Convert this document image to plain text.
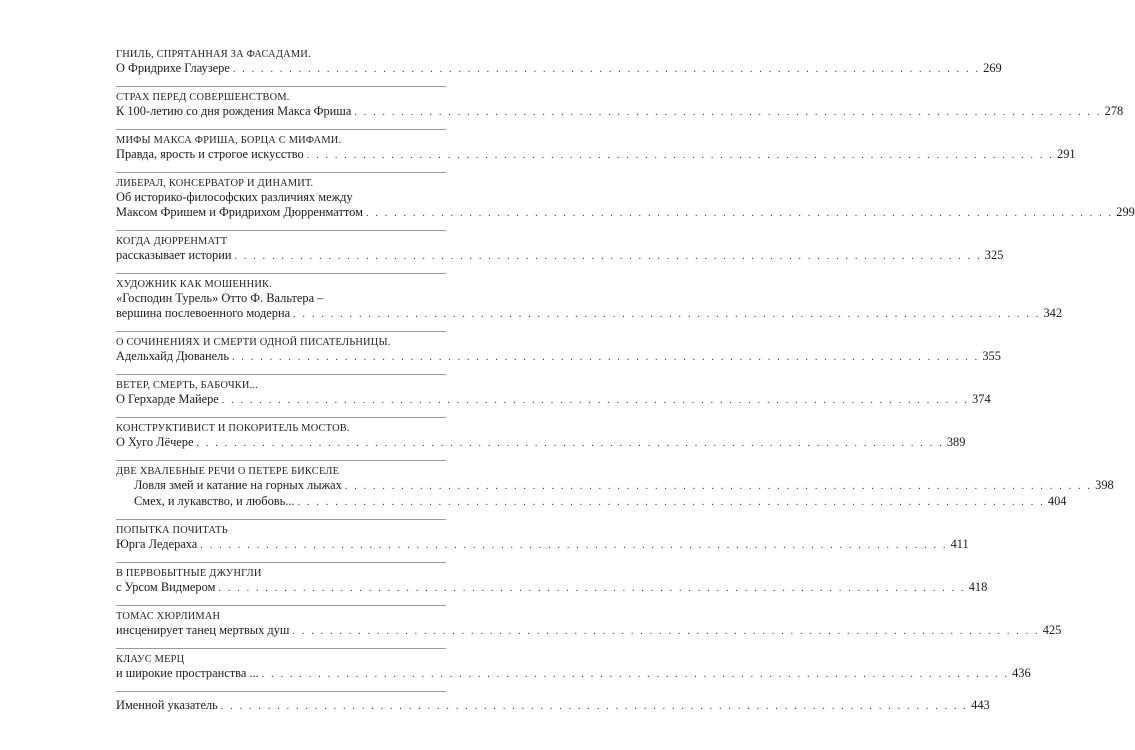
ГНИЛЬ, СПРЯТАННАЯ ЗА ФАСАДАМИ.
О Фридрихе Глаузере . . . . . . . . . . . . . . . . . . . . . . . . . . . . . . . . . . . . . . . . . . . . . . . . . . . . . . . . . . . . . . . . . . . . . . . . . . . . . . . . 269
СТРАХ ПЕРЕД СОВЕРШЕНСТВОМ.
К 100-летию со дня рождения Макса Фриша . . . . . . . . . . . . . . . . . . . . . . . . . . . . . . . . . . . . . . . . . . . . . . . . . . . . . . . . . . . . . . . . . . . . . . . . . . . . . . . . 278
МИФЫ МАКСА ФРИША, БОРЦА С МИФАМИ.
Правда, ярость и строгое искусство . . . . . . . . . . . . . . . . . . . . . . . . . . . . . . . . . . . . . . . . . . . . . . . . . . . . . . . . . . . . . . . . . . . . . . . . . . . . . . . . 291
ЛИБЕРАЛ, КОНСЕРВАТОР И ДИНАМИТ.
Об историко-философских различиях между
Максом Фришем и Фридрихом Дюрренматтом . . . . . . . . . . . . . . . . . . . . . . . . . . . . . . . . . . . . . . . . . . . . . . . . . . . . . . . . . . . . . . . . . . . . . . . . . . . . . . . . 299
КОГДА ДЮРРЕНМАТТ
рассказывает истории . . . . . . . . . . . . . . . . . . . . . . . . . . . . . . . . . . . . . . . . . . . . . . . . . . . . . . . . . . . . . . . . . . . . . . . . . . . . . . . . 325
ХУДОЖНИК КАК МОШЕННИК.
«Господин Турель» Отто Ф. Вальтера –
вершина послевоенного модерна . . . . . . . . . . . . . . . . . . . . . . . . . . . . . . . . . . . . . . . . . . . . . . . . . . . . . . . . . . . . . . . . . . . . . . . . . . . . . . . . 342
О СОЧИНЕНИЯХ И СМЕРТИ ОДНОЙ ПИСАТЕЛЬНИЦЫ.
Адельхайд Дюванель . . . . . . . . . . . . . . . . . . . . . . . . . . . . . . . . . . . . . . . . . . . . . . . . . . . . . . . . . . . . . . . . . . . . . . . . . . . . . . . . 355
ВЕТЕР, СМЕРТЬ, БАБОЧКИ...
О Герхарде Майере . . . . . . . . . . . . . . . . . . . . . . . . . . . . . . . . . . . . . . . . . . . . . . . . . . . . . . . . . . . . . . . . . . . . . . . . . . . . . . . . 374
КОНСТРУКТИВИСТ И ПОКОРИТЕЛЬ МОСТОВ.
О Хуго Лёчере . . . . . . . . . . . . . . . . . . . . . . . . . . . . . . . . . . . . . . . . . . . . . . . . . . . . . . . . . . . . . . . . . . . . . . . . . . . . . . . . 389
ДВЕ ХВАЛЕБНЫЕ РЕЧИ О ПЕТЕРЕ БИКСЕЛЕ
Ловля змей и катание на горных лыжах . . . . . . . . . . . . . . . . . . . . . . . . . . . . . . . . . . . . . . . . . . . . . . . . . . . . . . . . . . . . . . . . . . . . . . . . . . . . . . . . 398
Смех, и лукавство, и любовь... . . . . . . . . . . . . . . . . . . . . . . . . . . . . . . . . . . . . . . . . . . . . . . . . . . . . . . . . . . . . . . . . . . . . . . . . . . . . . . . . 404
ПОПЫТКА ПОЧИТАТЬ
Юрга Ледераха . . . . . . . . . . . . . . . . . . . . . . . . . . . . . . . . . . . . . . . . . . . . . . . . . . . . . . . . . . . . . . . . . . . . . . . . . . . . . . . . 411
В ПЕРВОБЫТНЫЕ ДЖУНГЛИ
с Урсом Видмером . . . . . . . . . . . . . . . . . . . . . . . . . . . . . . . . . . . . . . . . . . . . . . . . . . . . . . . . . . . . . . . . . . . . . . . . . . . . . . . . 418
ТОМАС ХЮРЛИМАН
инсценирует танец мертвых душ . . . . . . . . . . . . . . . . . . . . . . . . . . . . . . . . . . . . . . . . . . . . . . . . . . . . . . . . . . . . . . . . . . . . . . . . . . . . . . . . 425
КЛАУС МЕРЦ
и широкие пространства ... . . . . . . . . . . . . . . . . . . . . . . . . . . . . . . . . . . . . . . . . . . . . . . . . . . . . . . . . . . . . . . . . . . . . . . . . . . . . . . . . 436
Именной указатель . . . . . . . . . . . . . . . . . . . . . . . . . . . . . . . . . . . . . . . . . . . . . . . . . . . . . . . . . . . . . . . . . . . . . . . . . . . . . . . . 443
